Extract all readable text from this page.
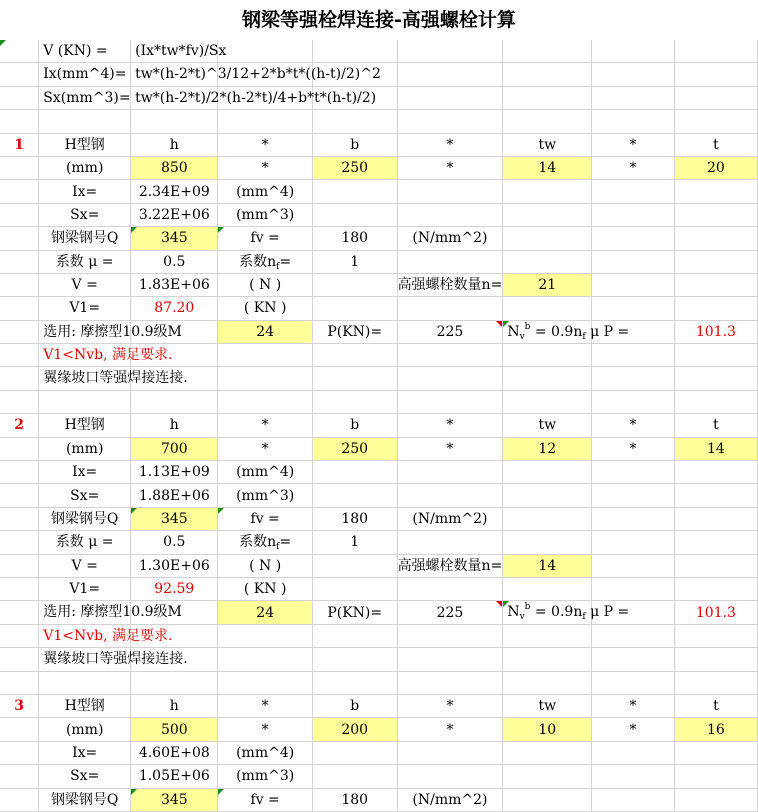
钢梁等强栓焊连接-高强螺栓计算

	V (KN) =	(Ix*tw*fv)/Sx						

	Ix(mm^4)=	tw*(h-2*t)^3/12+2*b*t*((h-t)/2)^2						

	Sx(mm^3)=	tw*(h-2*t)/2*(h-2*t)/4+b*t*(h-t)/2)						

1	H型钢	h	*	b	*	tw	*	t
	(mm)	850	*	250	*	14	*	20
	Ix=	2.34E+09	(mm^4)					
	Sx=	3.22E+06	(mm^3)					
	钢梁钢号Q	345	fv =	180	(N/mm^2)			
	系数 μ =	0.5	系数nf=	1				
	V =	1.83E+06	( N )		高强螺栓数量n=	21		
	V1=	87.20	( KN )					

	选用: 摩擦型10.9级M		24	P(KN)=	225	$Nv^b = 0.9nf$ μ P =		101.3

	V1<Nvb, 满足要求.							

	翼缘坡口等强焊接连接.							

2	H型钢	h	*	b	*	tw	*	t
	(mm)	700	*	250	*	12	*	14
	Ix=	1.13E+09	(mm^4)					
	Sx=	1.88E+06	(mm^3)					
	钢梁钢号Q	345	fv =	180	(N/mm^2)			
	系数 μ =	0.5	系数nf=	1				
	V =	1.30E+06	( N )		高强螺栓数量n=	14		
	V1=	92.59	( KN )					

	选用: 摩擦型10.9级M		24	P(KN)=	225	$Nv^b = 0.9nf$ μ P =		101.3

	V1<Nvb, 满足要求.							

	翼缘坡口等强焊接连接.							

3	H型钢	h	*	b	*	tw	*	t
	(mm)	500	*	200	*	10	*	16
	Ix=	4.60E+08	(mm^4)					
	Sx=	1.05E+06	(mm^3)					
	钢梁钢号Q	345	fv =	180	(N/mm^2)			
